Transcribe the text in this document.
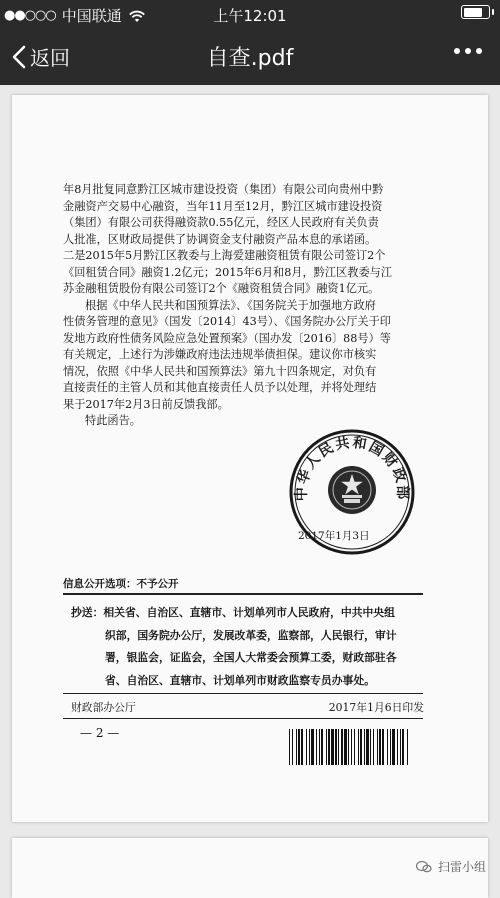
●●○○○ 中国联通	上午12:01
返回	自查.pdf

年8月批复同意黔江区城市建设投资（集团）有限公司向贵州中黔

金融资产交易中心融资，当年11月至12月，黔江区城市建设投资

（集团）有限公司获得融资款0.55亿元，经区人民政府有关负责

人批准，区财政局提供了协调资金支付融资产品本息的承诺函。

二是2015年5月黔江区教委与上海爱建融资租赁有限公司签订2个

《回租赁合同》融资1.2亿元；2015年6月和8月，黔江区教委与江

苏金融租赁股份有限公司签订2个《融资租赁合同》融资1亿元。

根据《中华人民共和国预算法》、《国务院关于加强地方政府

性债务管理的意见》（国发〔2014〕43号）、《国务院办公厅关于印

发地方政府性债务风险应急处置预案》（国办发〔2016〕88号）等

有关规定，上述行为涉嫌政府违法违规举债担保。建议你市核实

情况，依照《中华人民共和国预算法》第九十四条规定，对负有

直接责任的主管人员和其他直接责任人员予以处理，并将处理结

果于2017年2月3日前反馈我部。

特此函告。

中华人民共和国财政部
2017年1月3日
信息公开选项：不予公开
抄送：相关省、自治区、直辖市、计划单列市人民政府，中共中央组
织部，国务院办公厅，发展改革委，监察部，人民银行，审计
署，银监会，证监会，全国人大常委会预算工委，财政部驻各
省、自治区、直辖市、计划单列市财政监察专员办事处。
财政部办公厅	2017年1月6日印发
— 2 —
扫雷小组
